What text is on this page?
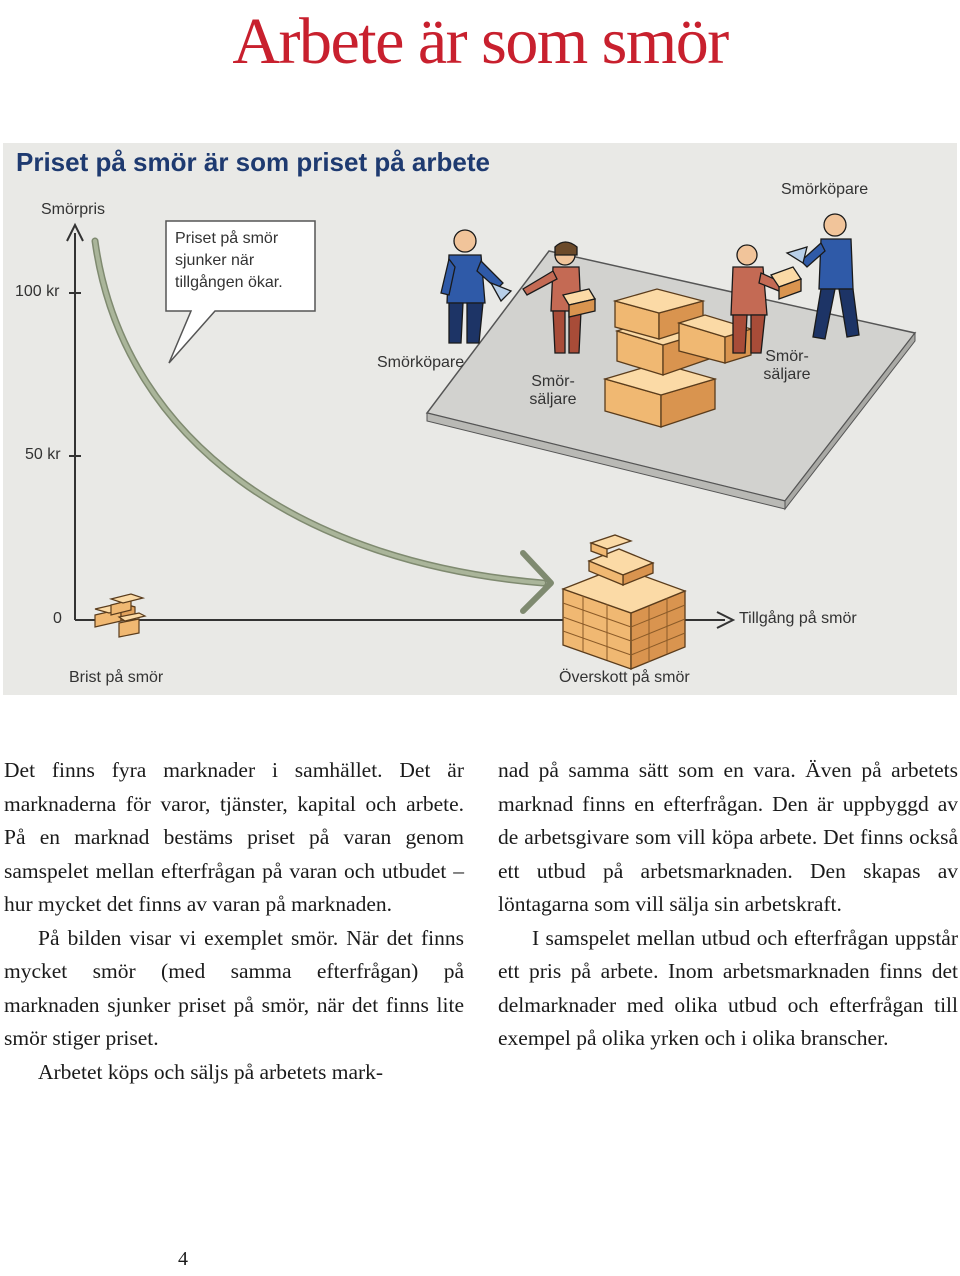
Arbete är som smör
Priset på smör är som priset på arbete
Smörpris
100 kr
50 kr
0	Tillgång på smör
Priset på smör sjunker när tillgången ökar.
Smörköpare
Smör-
säljare
Smör-
säljare
Smörköpare
Brist på smör	Överskott på smör

Det finns fyra marknader i samhället. Det är marknaderna för varor, tjänster, kapital och arbete. På en marknad bestäms priset på varan genom samspelet mellan efterfrågan på varan och utbudet – hur mycket det finns av varan på marknaden.

På bilden visar vi exemplet smör. När det finns mycket smör (med samma efterfrågan) på marknaden sjunker priset på smör, när det finns lite smör stiger priset.

Arbetet köps och säljs på arbetets mark-

nad på samma sätt som en vara. Även på arbetets marknad finns en efterfrågan. Den är uppbyggd av de arbetsgivare som vill köpa arbete. Det finns också ett utbud på arbetsmarknaden. Den skapas av löntagarna som vill sälja sin arbetskraft.

I samspelet mellan utbud och efterfrågan uppstår ett pris på arbete. Inom arbetsmarknaden finns det delmarknader med olika utbud och efterfrågan till exempel på olika yrken och i olika branscher.

4
